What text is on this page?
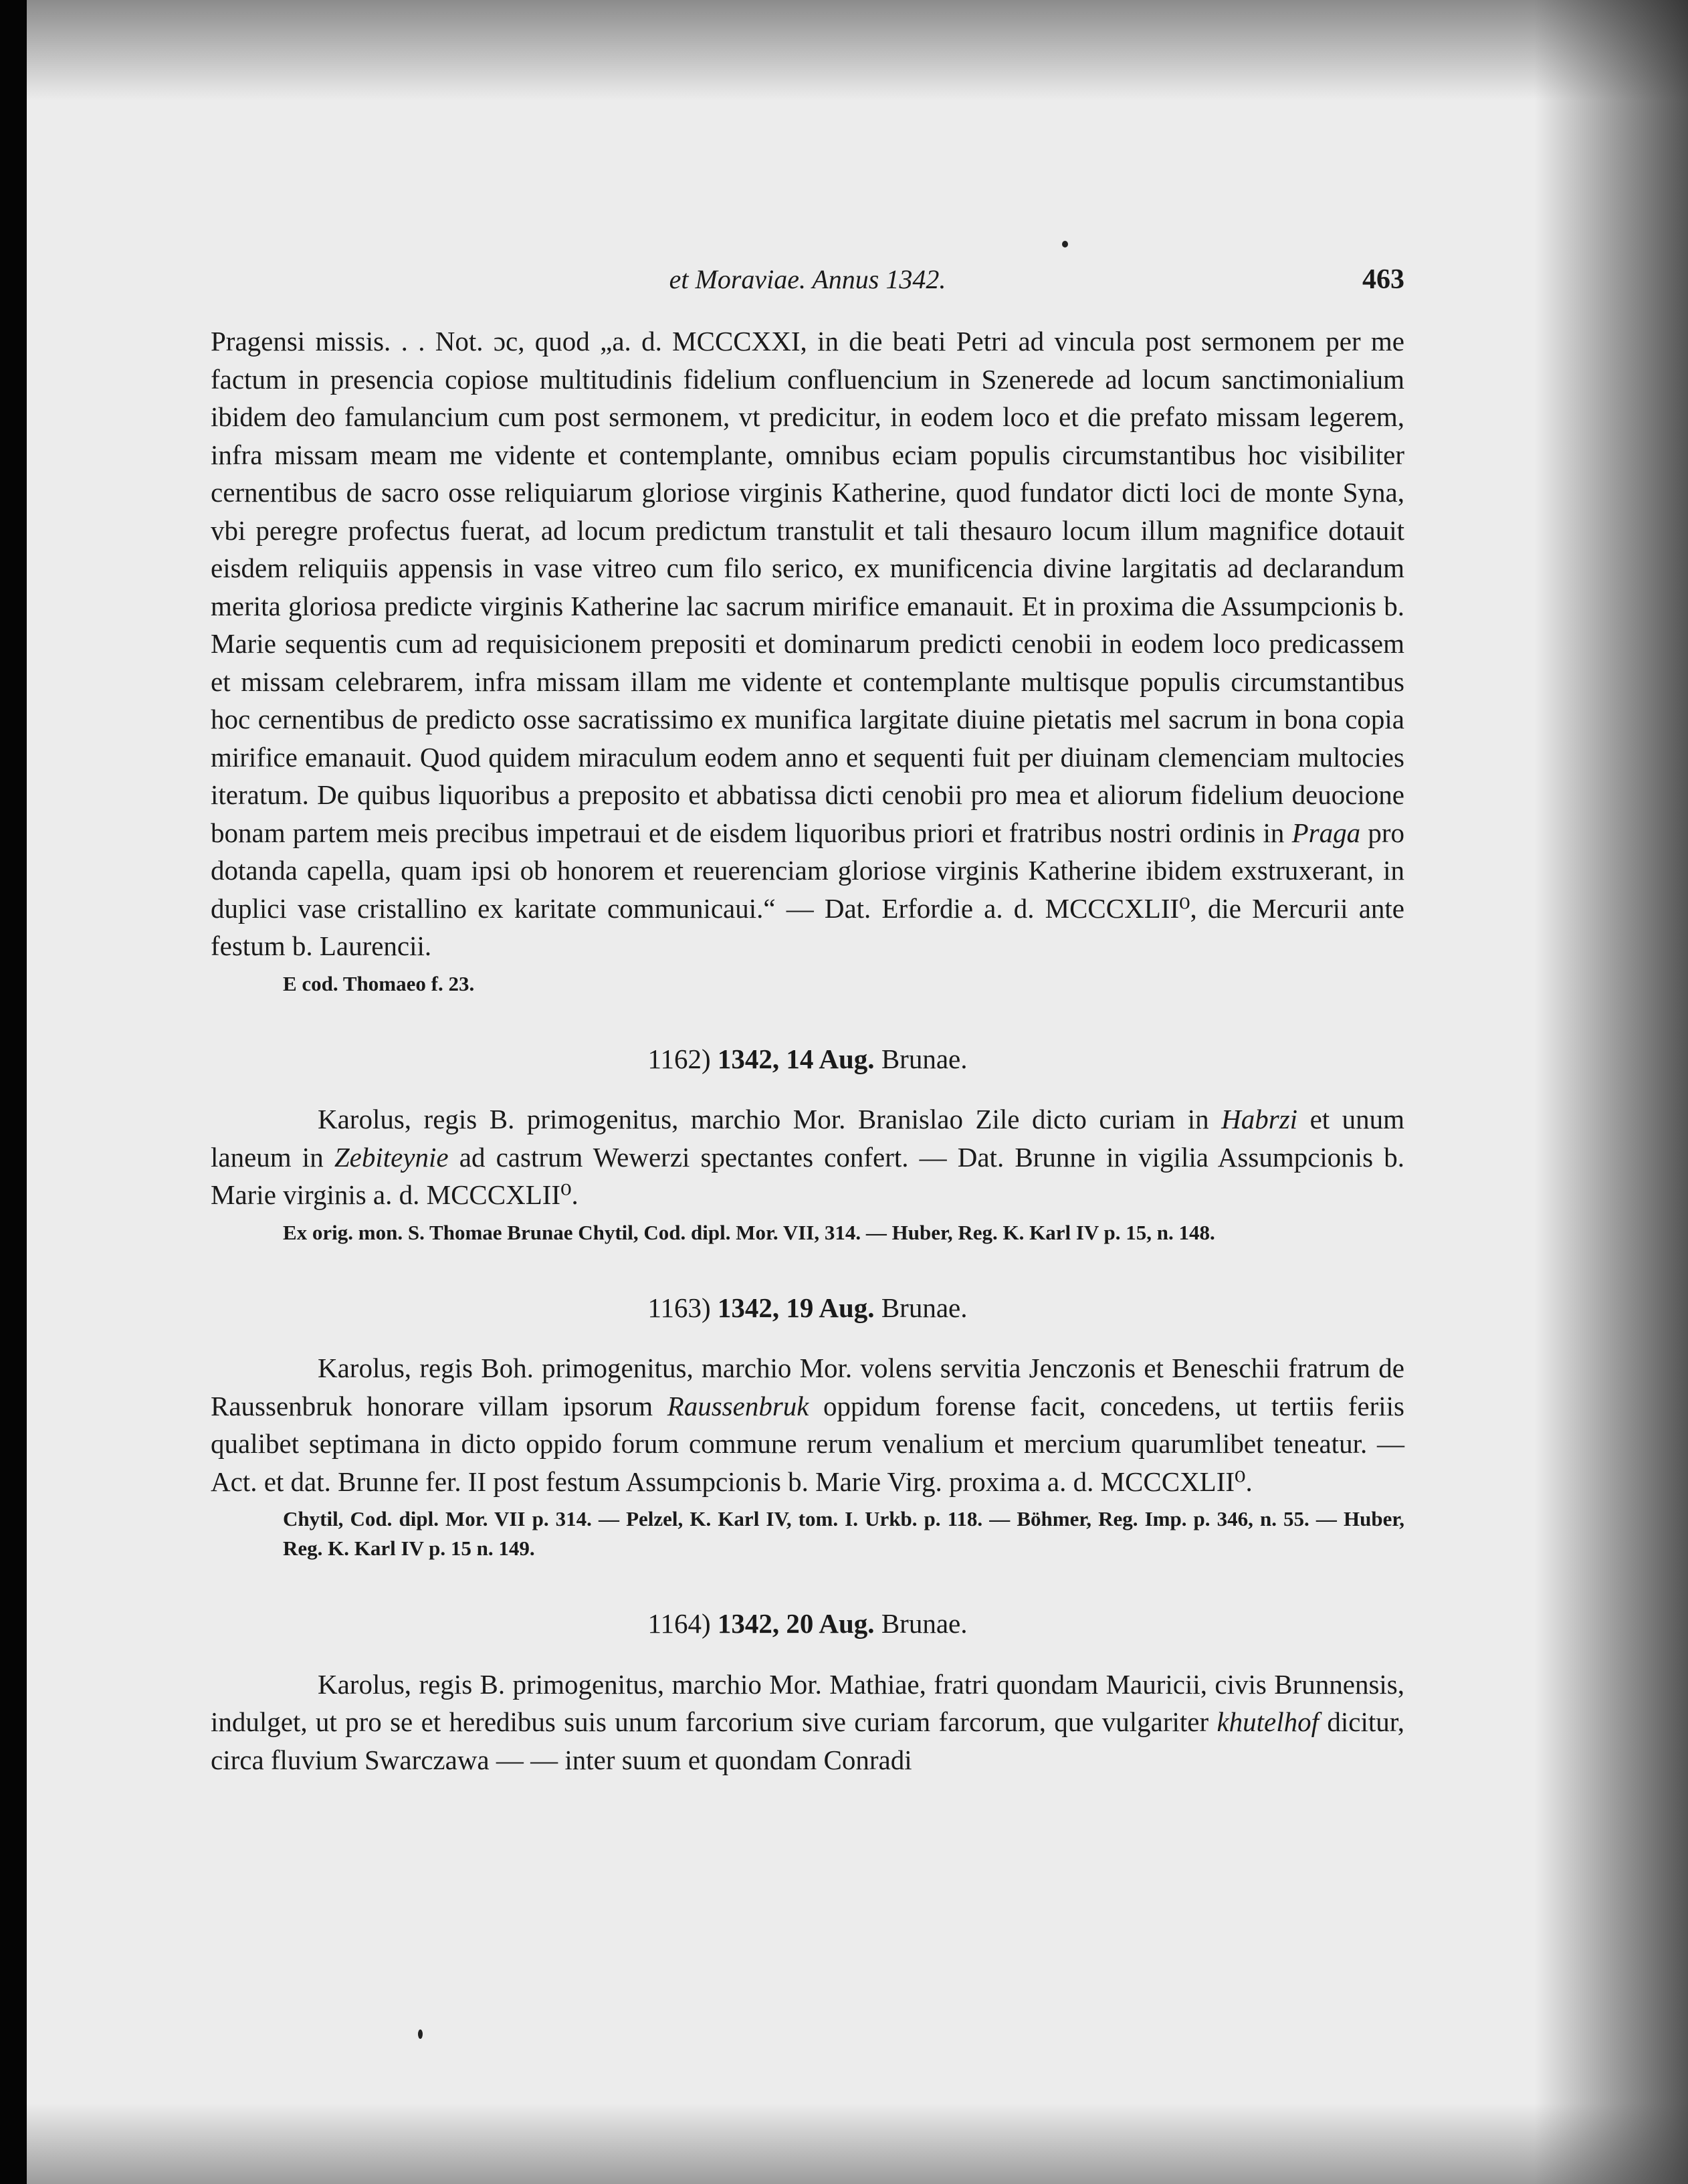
et Moraviae. Annus 1342.	463

Pragensi missis. . . Not. ɔc, quod „a. d. MCCCXXI, in die beati Petri ad vincula post sermonem per me factum in presencia copiose multitudinis fidelium confluencium in Szenerede ad locum sanctimonialium ibidem deo famulancium cum post sermonem, vt predicitur, in eodem loco et die prefato missam legerem, infra missam meam me vidente et contemplante, omnibus eciam populis circumstantibus hoc visibiliter cernentibus de sacro osse reliquiarum gloriose virginis Katherine, quod fundator dicti loci de monte Syna, vbi peregre profectus fuerat, ad locum predictum transtulit et tali thesauro locum illum magnifice dotauit eisdem reliquiis appensis in vase vitreo cum filo serico, ex munificencia divine largitatis ad declarandum merita gloriosa predicte virginis Katherine lac sacrum mirifice emanauit. Et in proxima die Assumpcionis b. Marie sequentis cum ad requisicionem prepositi et dominarum predicti cenobii in eodem loco predicassem et missam celebrarem, infra missam illam me vidente et contemplante multisque populis circumstantibus hoc cernentibus de predicto osse sacratissimo ex munifica largitate diuine pietatis mel sacrum in bona copia mirifice emanauit. Quod quidem miraculum eodem anno et sequenti fuit per diuinam clemenciam multocies iteratum. De quibus liquoribus a preposito et abbatissa dicti cenobii pro mea et aliorum fidelium deuocione bonam partem meis precibus impetraui et de eisdem liquoribus priori et fratribus nostri ordinis in Praga pro dotanda capella, quam ipsi ob honorem et reuerenciam gloriose virginis Katherine ibidem exstruxerant, in duplici vase cristallino ex karitate communicaui.“ — Dat. Erfordie a. d. MCCCXLII⁰, die Mercurii ante festum b. Laurencii.

E cod. Thomaeo f. 23.

1162) 1342, 14 Aug. Brunae.

Karolus, regis B. primogenitus, marchio Mor. Branislao Zile dicto curiam in Habrzi et unum laneum in Zebiteynie ad castrum Wewerzi spectantes confert. — Dat. Brunne in vigilia Assumpcionis b. Marie virginis a. d. MCCCXLII⁰.

Ex orig. mon. S. Thomae Brunae Chytil, Cod. dipl. Mor. VII, 314. — Huber, Reg. K. Karl IV p. 15, n. 148.

1163) 1342, 19 Aug. Brunae.

Karolus, regis Boh. primogenitus, marchio Mor. volens servitia Jenczonis et Beneschii fratrum de Raussenbruk honorare villam ipsorum Raussenbruk oppidum forense facit, concedens, ut tertiis feriis qualibet septimana in dicto oppido forum commune rerum venalium et mercium quarumlibet teneatur. — Act. et dat. Brunne fer. II post festum Assumpcionis b. Marie Virg. proxima a. d. MCCCXLII⁰.

Chytil, Cod. dipl. Mor. VII p. 314. — Pelzel, K. Karl IV, tom. I. Urkb. p. 118. — Böhmer, Reg. Imp. p. 346, n. 55. — Huber, Reg. K. Karl IV p. 15 n. 149.

1164) 1342, 20 Aug. Brunae.

Karolus, regis B. primogenitus, marchio Mor. Mathiae, fratri quondam Mauricii, civis Brunnensis, indulget, ut pro se et heredibus suis unum farcorium sive curiam farcorum, que vulgariter khutelhof dicitur, circa fluvium Swarczawa — — inter suum et quondam Conradi
